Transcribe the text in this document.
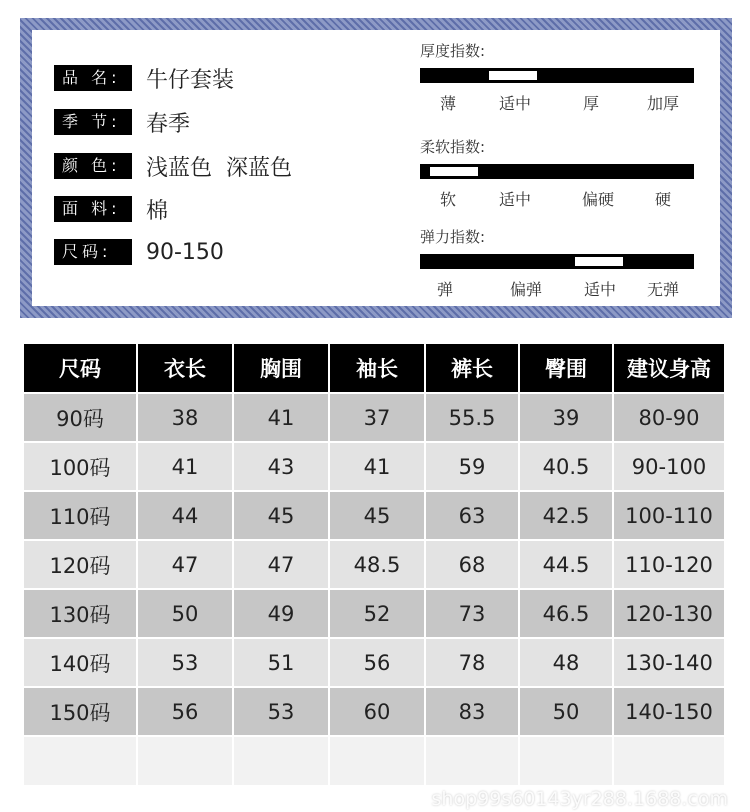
品 名:	牛仔套装
季 节:	春季
颜 色:	浅蓝色 深蓝色
面 料:	棉
尺码:	90-150
厚度指数:
薄	适中	厚	加厚
柔软指数:
软	适中	偏硬	硬
弹力指数:
弹	偏弹	适中 无弹
尺码	衣长	胸围	袖长	裤长	臀围	建议身高
90码	38	41	37	55.5	39	80-90
100码	41	43	41	59	40.5	90-100
110码	44	45	45	63	42.5	100-110
120码	47	47	48.5	68	44.5	110-120
130码	50	49	52	73	46.5	120-130
140码	53	51	56	78	48	130-140
150码	56	53	60	83	50	140-150

shop99s60143yr288.1688.com
